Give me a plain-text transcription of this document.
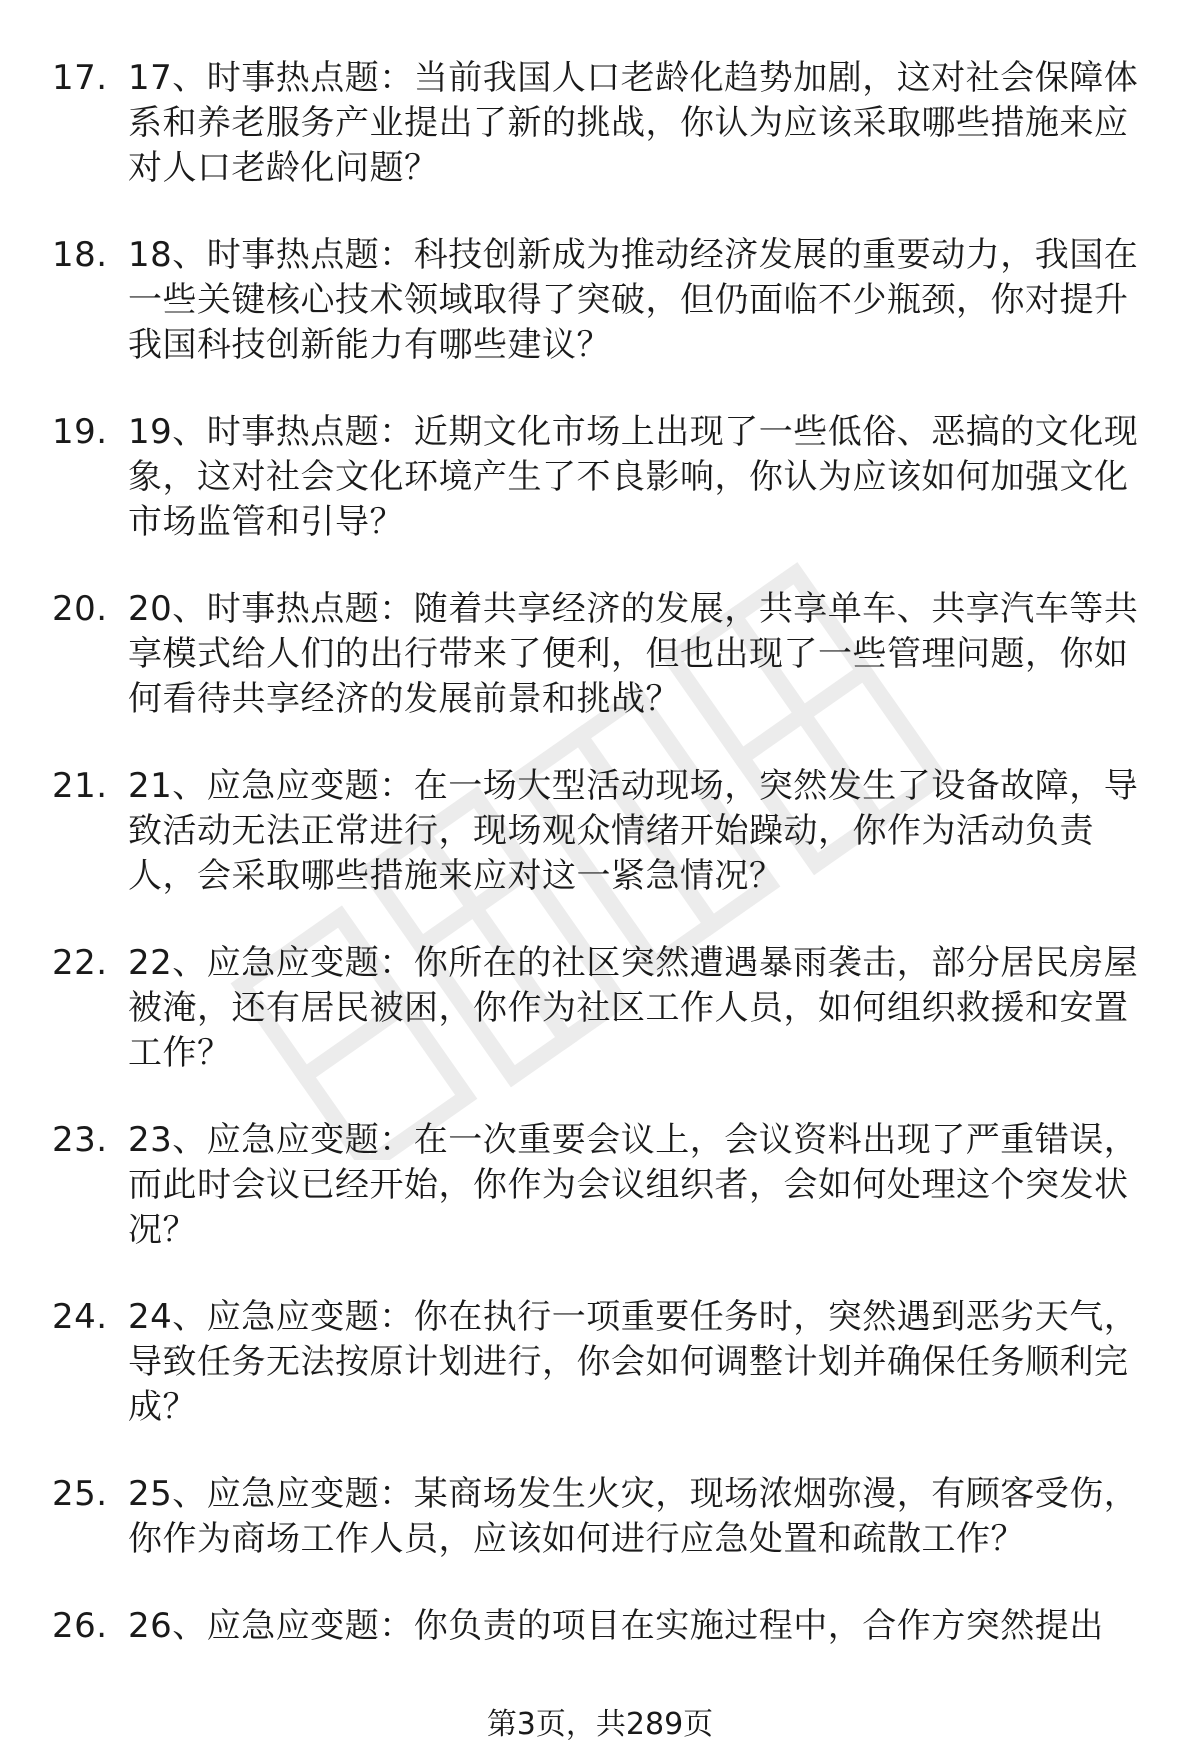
17. 17、时事热点题：当前我国人口老龄化趋势加剧，这对社会保障体系和养老服务产业提出了新的挑战，你认为应该采取哪些措施来应对人口老龄化问题？
18. 18、时事热点题：科技创新成为推动经济发展的重要动力，我国在一些关键核心技术领域取得了突破，但仍面临不少瓶颈，你对提升我国科技创新能力有哪些建议？
19. 19、时事热点题：近期文化市场上出现了一些低俗、恶搞的文化现象，这对社会文化环境产生了不良影响，你认为应该如何加强文化市场监管和引导？
20. 20、时事热点题：随着共享经济的发展，共享单车、共享汽车等共享模式给人们的出行带来了便利，但也出现了一些管理问题，你如何看待共享经济的发展前景和挑战？
21. 21、应急应变题：在一场大型活动现场，突然发生了设备故障，导致活动无法正常进行，现场观众情绪开始躁动，你作为活动负责人，会采取哪些措施来应对这一紧急情况？
22. 22、应急应变题：你所在的社区突然遭遇暴雨袭击，部分居民房屋被淹，还有居民被困，你作为社区工作人员，如何组织救援和安置工作？
23. 23、应急应变题：在一次重要会议上，会议资料出现了严重错误，而此时会议已经开始，你作为会议组织者，会如何处理这个突发状况？
24. 24、应急应变题：你在执行一项重要任务时，突然遇到恶劣天气，导致任务无法按原计划进行，你会如何调整计划并确保任务顺利完成？
25. 25、应急应变题：某商场发生火灾，现场浓烟弥漫，有顾客受伤，你作为商场工作人员，应该如何进行应急处置和疏散工作？
26. 26、应急应变题：你负责的项目在实施过程中，合作方突然提出
第3页，共289页
